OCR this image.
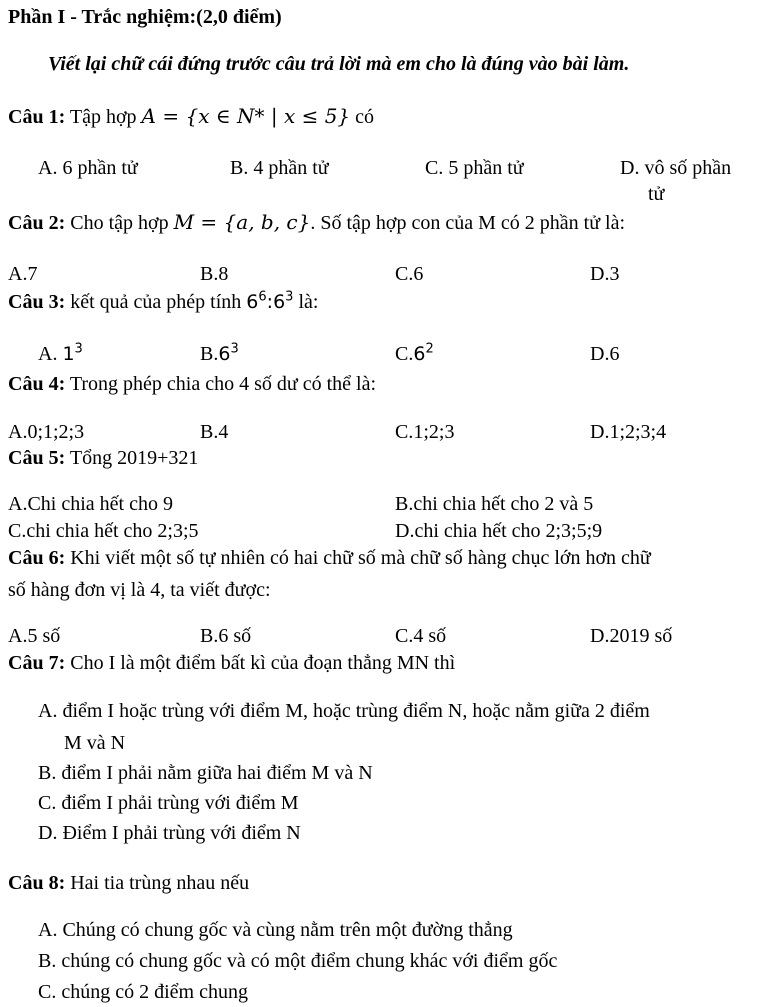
Phần I - Trắc nghiệm:(2,0 điểm)
Viết lại chữ cái đứng trước câu trả lời mà em cho là đúng vào bài làm.
Câu 1: Tập hợp A = {x ∈ N* | x ≤ 5} có
A. 6 phần tử	B. 4 phần tử	C. 5 phần tử	D. vô số phần
tử
Câu 2: Cho tập hợp M = {a, b, c}. Số tập hợp con của M có 2 phần tử là:
A.7	B.8	C.6	D.3
Câu 3: kết quả của phép tính $6^6:6^3$ là:
A. $1^3$	$B.6^3$	$C.6^2$	D.6
Câu 4: Trong phép chia cho 4 số dư có thể là:
A.0;1;2;3	B.4	C.1;2;3	D.1;2;3;4
Câu 5: Tổng 2019+321
A.Chi chia hết cho 9	B.chi chia hết cho 2 và 5
C.chi chia hết cho 2;3;5	D.chi chia hết cho 2;3;5;9
Câu 6: Khi viết một số tự nhiên có hai chữ số mà chữ số hàng chục lớn hơn chữ
số hàng đơn vị là 4, ta viết được:
A.5 số	B.6 số	C.4 số	D.2019 số
Câu 7: Cho I là một điểm bất kì của đoạn thẳng MN thì
A. điểm I hoặc trùng với điểm M, hoặc trùng điểm N, hoặc nằm giữa 2 điểm
M và N
B. điểm I phải nằm giữa hai điểm M và N
C. điểm I phải trùng với điểm M
D. Điểm I phải trùng với điểm N
Câu 8: Hai tia trùng nhau nếu
A. Chúng có chung gốc và cùng nằm trên một đường thẳng
B. chúng có chung gốc và có một điểm chung khác với điểm gốc
C. chúng có 2 điểm chung
